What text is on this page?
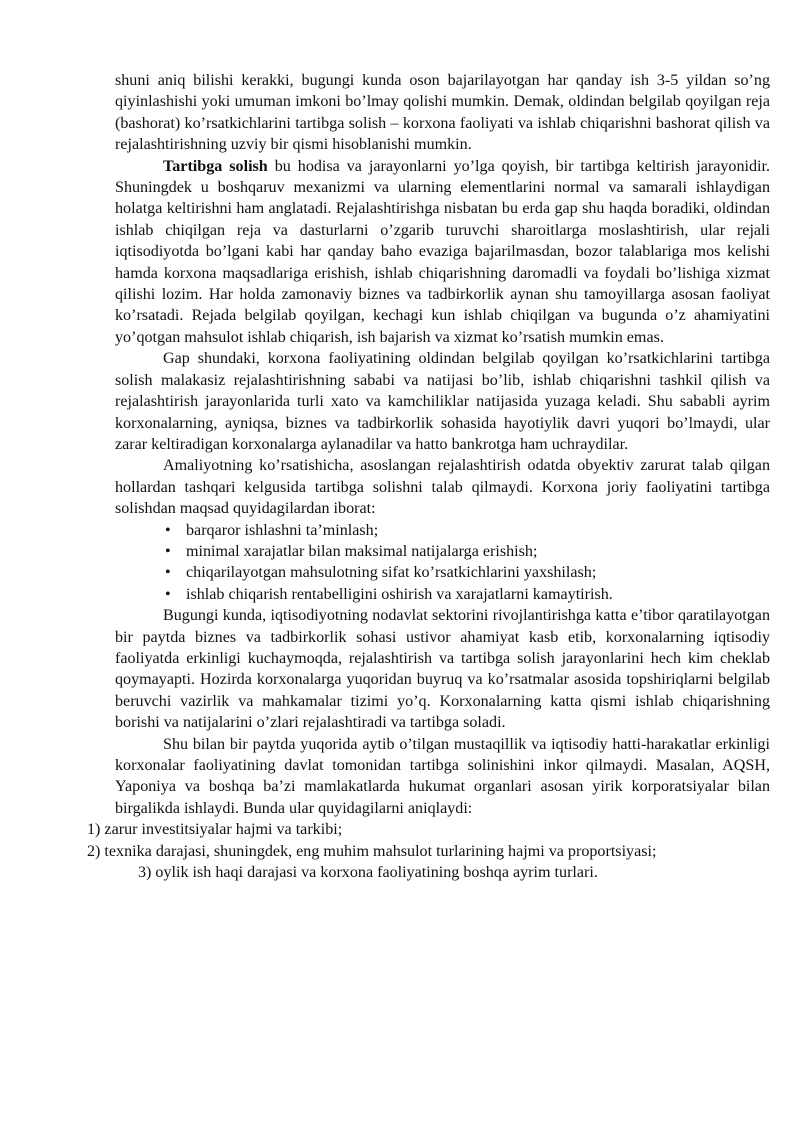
shuni aniq bilishi kerakki, bugungi kunda oson bajarilayotgan har qanday ish 3-5 yildan so’ng qiyinlashishi yoki umuman imkoni bo’lmay qolishi mumkin. Demak, oldindan belgilab qoyilgan reja (bashorat) ko’rsatkichlarini tartibga solish – korxona faoliyati va ishlab chiqarishni bashorat qilish va rejalashtirishning uzviy bir qismi hisoblanishi mumkin.

Tartibga solish bu hodisa va jarayonlarni yo’lga qoyish, bir tartibga keltirish jarayonidir. Shuningdek u boshqaruv mexanizmi va ularning elementlarini normal va samarali ishlaydigan holatga keltirishni ham anglatadi. Rejalashtirishga nisbatan bu erda gap shu haqda boradiki, oldindan ishlab chiqilgan reja va dasturlarni o’zgarib turuvchi sharoitlarga moslashtirish, ular rejali iqtisodiyotda bo’lgani kabi har qanday baho evaziga bajarilmasdan, bozor talablariga mos kelishi hamda korxona maqsadlariga erishish, ishlab chiqarishning daromadli va foydali bo’lishiga xizmat qilishi lozim. Har holda zamonaviy biznes va tadbirkorlik aynan shu tamoyillarga asosan faoliyat ko’rsatadi. Rejada belgilab qoyilgan, kechagi kun ishlab chiqilgan va bugunda o’z ahamiyatini yo’qotgan mahsulot ishlab chiqarish, ish bajarish va xizmat ko’rsatish mumkin emas.

Gap shundaki, korxona faoliyatining oldindan belgilab qoyilgan ko’rsatkichlarini tartibga solish malakasiz rejalashtirishning sababi va natijasi bo’lib, ishlab chiqarishni tashkil qilish va rejalashtirish jarayonlarida turli xato va kamchiliklar natijasida yuzaga keladi. Shu sababli ayrim korxonalarning, ayniqsa, biznes va tadbirkorlik sohasida hayotiylik davri yuqori bo’lmaydi, ular zarar keltiradigan korxonalarga aylanadilar va hatto bankrotga ham uchraydilar.

Amaliyotning ko’rsatishicha, asoslangan rejalashtirish odatda obyektiv zarurat talab qilgan hollardan tashqari kelgusida tartibga solishni talab qilmaydi. Korxona joriy faoliyatini tartibga solishdan maqsad quyidagilardan iborat:

• barqaror ishlashni ta’minlash;
• minimal xarajatlar bilan maksimal natijalarga erishish;
• chiqarilayotgan mahsulotning sifat ko’rsatkichlarini yaxshilash;
• ishlab chiqarish rentabelligini oshirish va xarajatlarni kamaytirish.

Bugungi kunda, iqtisodiyotning nodavlat sektorini rivojlantirishga katta e’tibor qaratilayotgan bir paytda biznes va tadbirkorlik sohasi ustivor ahamiyat kasb etib, korxonalarning iqtisodiy faoliyatda erkinligi kuchaymoqda, rejalashtirish va tartibga solish jarayonlarini hech kim cheklab qoymayapti. Hozirda korxonalarga yuqoridan buyruq va ko’rsatmalar asosida topshiriqlarni belgilab beruvchi vazirlik va mahkamalar tizimi yo’q. Korxonalarning katta qismi ishlab chiqarishning borishi va natijalarini o’zlari rejalashtiradi va tartibga soladi.

Shu bilan bir paytda yuqorida aytib o’tilgan mustaqillik va iqtisodiy hatti-harakatlar erkinligi korxonalar faoliyatining davlat tomonidan tartibga solinishini inkor qilmaydi. Masalan, AQSH, Yaponiya va boshqa ba’zi mamlakatlarda hukumat organlari asosan yirik korporatsiyalar bilan birgalikda ishlaydi. Bunda ular quyidagilarni aniqlaydi:

1) zarur investitsiyalar hajmi va tarkibi;

2) texnika darajasi, shuningdek, eng muhim mahsulot turlarining hajmi va proportsiyasi;

3) oylik ish haqi darajasi va korxona faoliyatining boshqa ayrim turlari.
